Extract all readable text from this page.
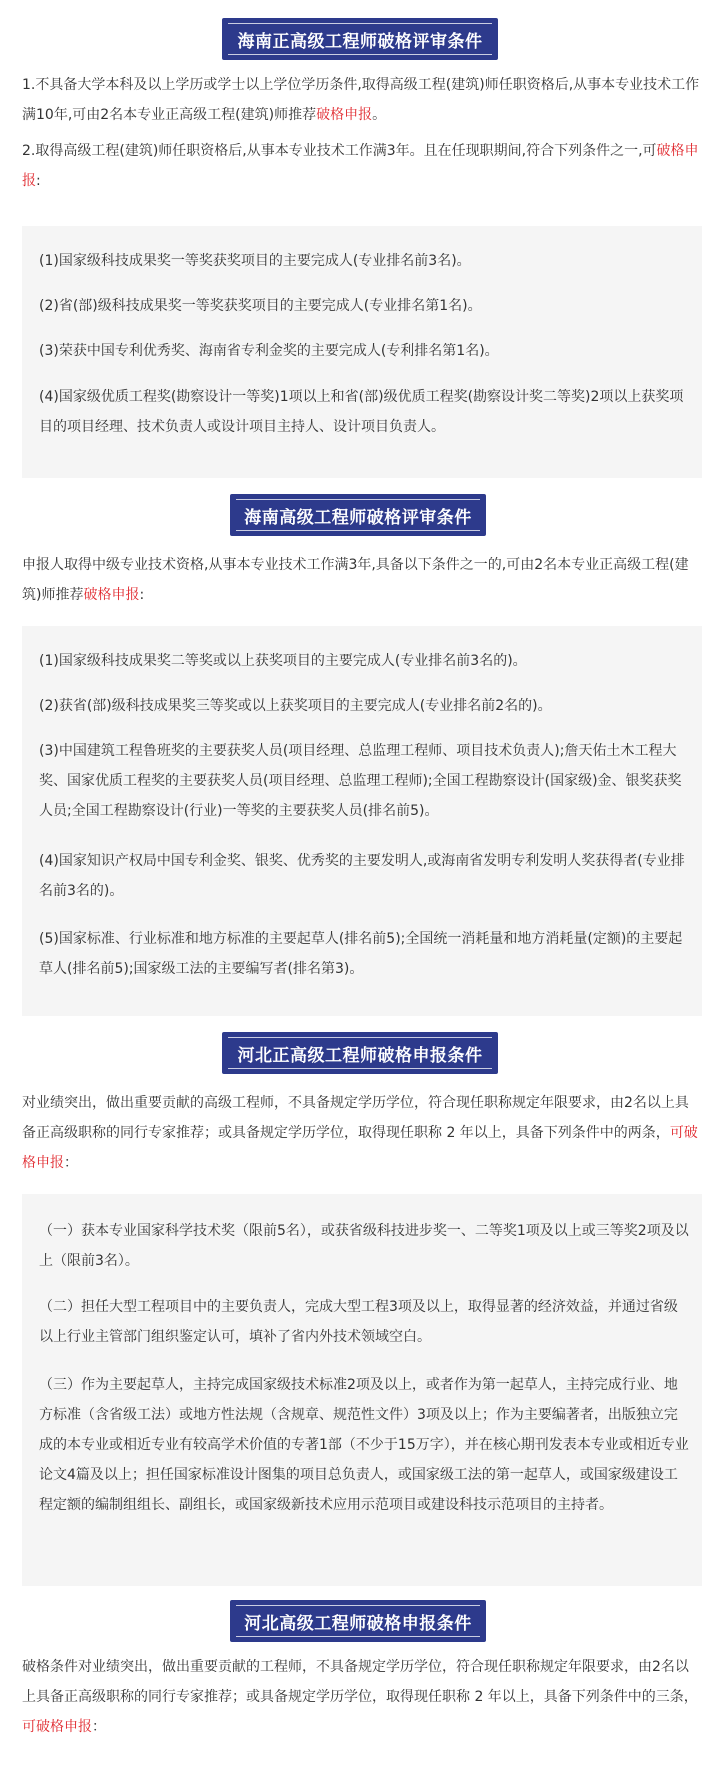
海南正高级工程师破格评审条件
1.不具备大学本科及以上学历或学士以上学位学历条件,取得高级工程(建筑)师任职资格后,从事本专业技术工作满10年,可由2名本专业正高级工程(建筑)师推荐破格申报。
2.取得高级工程(建筑)师任职资格后,从事本专业技术工作满3年。且在任现职期间,符合下列条件之一,可破格申报:
(1)国家级科技成果奖一等奖获奖项目的主要完成人(专业排名前3名)。
(2)省(部)级科技成果奖一等奖获奖项目的主要完成人(专业排名第1名)。
(3)荣获中国专利优秀奖、海南省专利金奖的主要完成人(专利排名第1名)。
(4)国家级优质工程奖(勘察设计一等奖)1项以上和省(部)级优质工程奖(勘察设计奖二等奖)2项以上获奖项目的项目经理、技术负责人或设计项目主持人、设计项目负责人。
海南高级工程师破格评审条件
申报人取得中级专业技术资格,从事本专业技术工作满3年,具备以下条件之一的,可由2名本专业正高级工程(建筑)师推荐破格申报:
(1)国家级科技成果奖二等奖或以上获奖项目的主要完成人(专业排名前3名的)。
(2)获省(部)级科技成果奖三等奖或以上获奖项目的主要完成人(专业排名前2名的)。
(3)中国建筑工程鲁班奖的主要获奖人员(项目经理、总监理工程师、项目技术负责人);詹天佑土木工程大奖、国家优质工程奖的主要获奖人员(项目经理、总监理工程师);全国工程勘察设计(国家级)金、银奖获奖人员;全国工程勘察设计(行业)一等奖的主要获奖人员(排名前5)。
(4)国家知识产权局中国专利金奖、银奖、优秀奖的主要发明人,或海南省发明专利发明人奖获得者(专业排名前3名的)。
(5)国家标准、行业标准和地方标准的主要起草人(排名前5);全国统一消耗量和地方消耗量(定额)的主要起草人(排名前5);国家级工法的主要编写者(排名第3)。
河北正高级工程师破格申报条件
对业绩突出，做出重要贡献的高级工程师，不具备规定学历学位，符合现任职称规定年限要求，由2名以上具备正高级职称的同行专家推荐；或具备规定学历学位，取得现任职称 2 年以上，具备下列条件中的两条，可破格申报：
（一）获本专业国家科学技术奖（限前5名），或获省级科技进步奖一、二等奖1项及以上或三等奖2项及以上（限前3名）。
（二）担任大型工程项目中的主要负责人，完成大型工程3项及以上，取得显著的经济效益，并通过省级以上行业主管部门组织鉴定认可，填补了省内外技术领域空白。
（三）作为主要起草人，主持完成国家级技术标准2项及以上，或者作为第一起草人，主持完成行业、地方标准（含省级工法）或地方性法规（含规章、规范性文件）3项及以上；作为主要编著者，出版独立完成的本专业或相近专业有较高学术价值的专著1部（不少于15万字），并在核心期刊发表本专业或相近专业论文4篇及以上；担任国家标准设计图集的项目总负责人，或国家级工法的第一起草人，或国家级建设工程定额的编制组组长、副组长，或国家级新技术应用示范项目或建设科技示范项目的主持者。
河北高级工程师破格申报条件
破格条件对业绩突出，做出重要贡献的工程师，不具备规定学历学位，符合现任职称规定年限要求，由2名以上具备正高级职称的同行专家推荐；或具备规定学历学位，取得现任职称 2 年以上，具备下列条件中的三条，可破格申报：
